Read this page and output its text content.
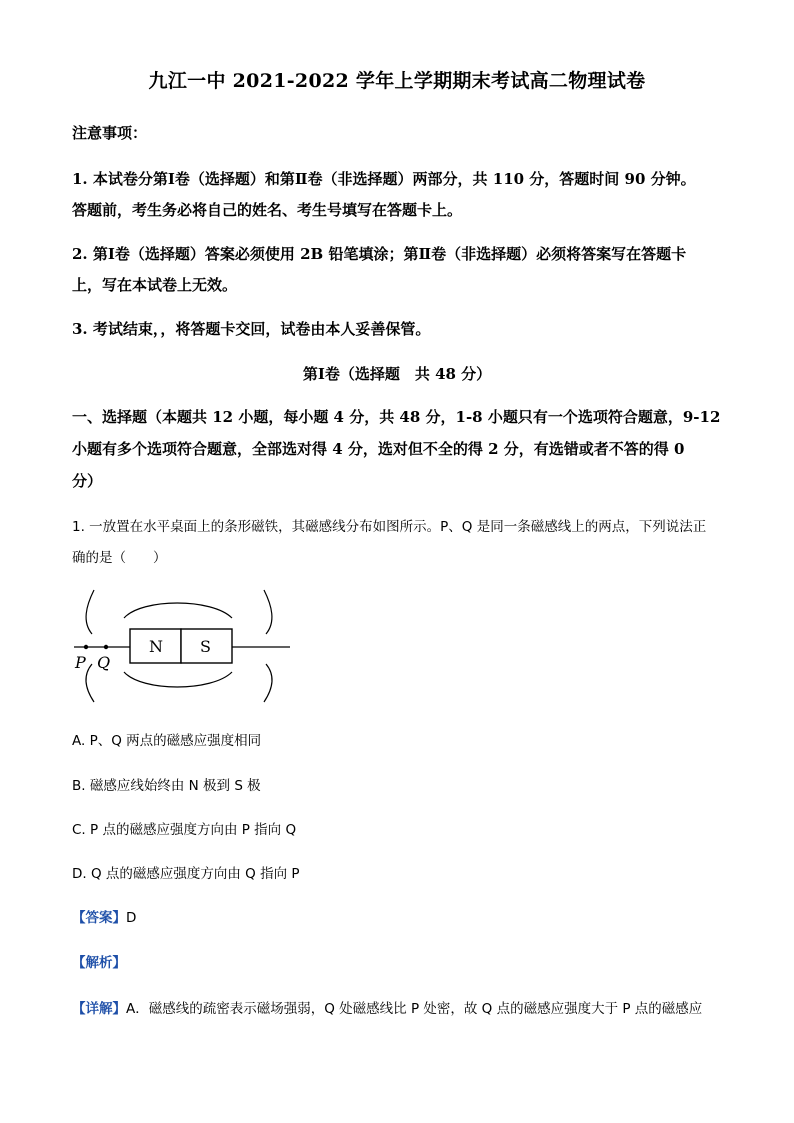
九江一中 2021-2022 学年上学期期末考试高二物理试卷
注意事项：
1. 本试卷分第Ⅰ卷（选择题）和第Ⅱ卷（非选择题）两部分，共 110 分，答题时间 90 分钟。
答题前，考生务必将自己的姓名、考生号填写在答题卡上。
2. 第Ⅰ卷（选择题）答案必须使用 2B 铅笔填涂；第Ⅱ卷（非选择题）必须将答案写在答题卡
上，写在本试卷上无效。
3. 考试结束，，将答题卡交回，试卷由本人妥善保管。
第Ⅰ卷（选择题　共 48 分）
一、选择题（本题共 12 小题，每小题 4 分，共 48 分，1-8 小题只有一个选项符合题意，9-12
小题有多个选项符合题意，全部选对得 4 分，选对但不全的得 2 分，有选错或者不答的得 0
分）
1. 一放置在水平桌面上的条形磁铁，其磁感线分布如图所示。P、Q 是同一条磁感线上的两点，下列说法正
确的是（　　）
N S
P Q
A. P、Q 两点的磁感应强度相同
B. 磁感应线始终由 N 极到 S 极
C. P 点的磁感应强度方向由 P 指向 Q
D. Q 点的磁感应强度方向由 Q 指向 P
【答案】D
【解析】
【详解】A．磁感线的疏密表示磁场强弱，Q 处磁感线比 P 处密，故 Q 点的磁感应强度大于 P 点的磁感应
